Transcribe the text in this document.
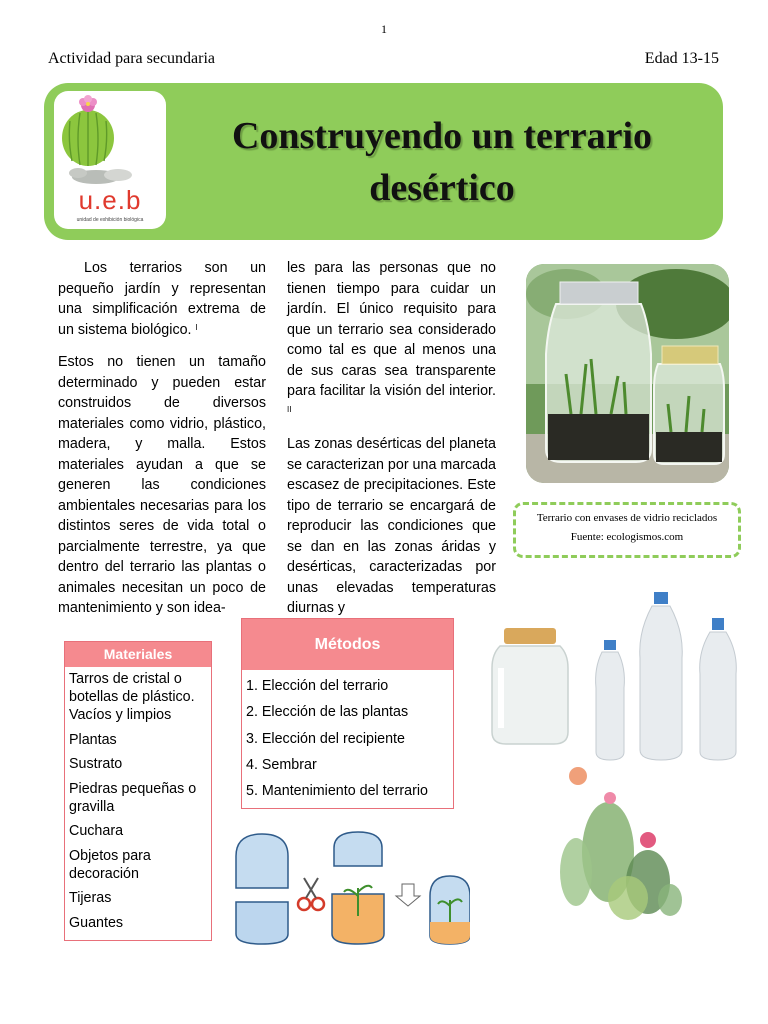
1
Actividad para secundaria	Edad 13-15
u.e.b
unidad de exhibición biológica
Construyendo un terrario
desértico

Los terrarios son un pequeño jardín y representan una simplificación extrema de un sistema biológico. $^I$

Estos no tienen un tamaño determinado y pueden estar construidos de diversos materiales como vidrio, plástico, madera, y malla. Estos materiales ayudan a que se generen las condiciones ambientales necesarias para los distintos seres de vida total o parcialmente terrestre, ya que dentro del terrario las plantas o animales necesitan un poco de mantenimiento y son idea-

les para las personas que no tienen tiempo para cuidar un jardín. El único requisito para que un terrario sea considerado como tal es que al menos una de sus caras sea transparente para facilitar la visión del interior. $^{II}$

Las zonas desérticas del planeta se caracterizan por una marcada escasez de precipitaciones. Este tipo de terrario se encargará de reproducir las condiciones que se dan en las zonas áridas y desérticas, caracterizadas por unas elevadas temperaturas diurnas y

Terrario con envases de vidrio reciclados
Fuente: ecologismos.com
Materiales
Tarros de cristal o botellas de plástico. Vacíos y limpios
Plantas
Sustrato
Piedras pequeñas o gravilla
Cuchara
Objetos para decoración
Tijeras
Guantes
Métodos
1. Elección del terrario
2. Elección de las plantas
3. Elección del recipiente
4. Sembrar
5. Mantenimiento del terrario
